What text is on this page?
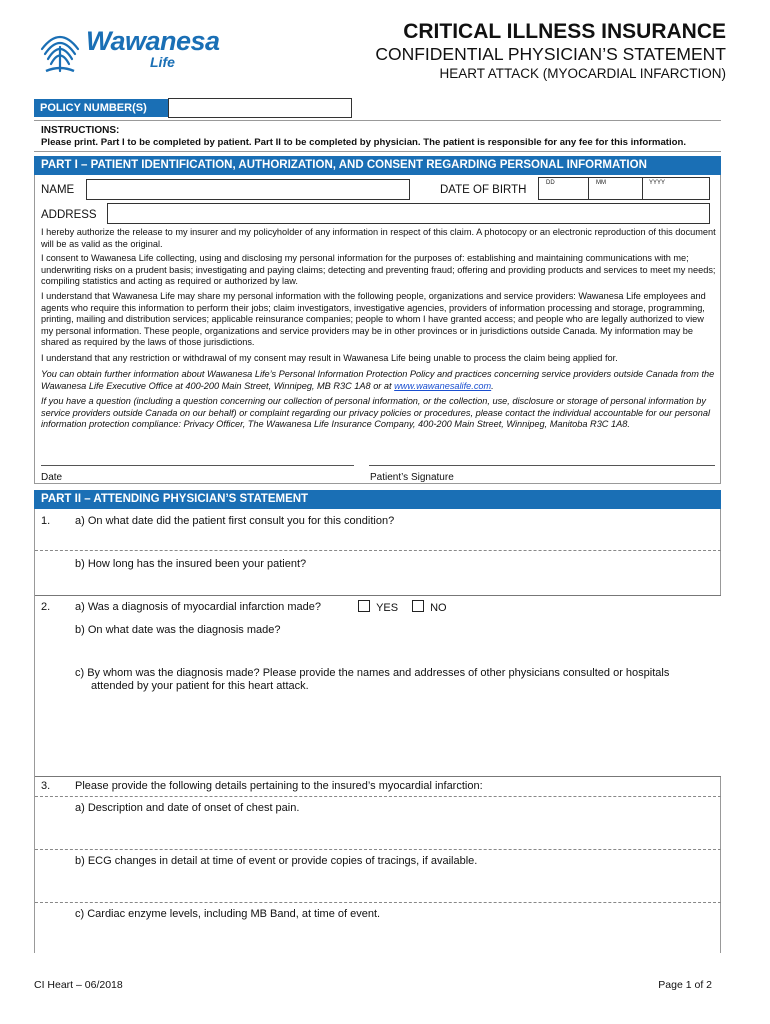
Wawanesa
Life
CRITICAL ILLNESS INSURANCE
CONFIDENTIAL PHYSICIAN’S STATEMENT
HEART ATTACK (MYOCARDIAL INFARCTION)
POLICY NUMBER(S)
INSTRUCTIONS:
Please print. Part I to be completed by patient. Part II to be completed by physician. The patient is responsible for any fee for this information.
PART I – PATIENT IDENTIFICATION, AUTHORIZATION, AND CONSENT REGARDING PERSONAL INFORMATION
NAME	DATE OF BIRTH
DD	MM	YYYY
ADDRESS
I hereby authorize the release to my insurer and my policyholder of any information in respect of this claim. A photocopy or an electronic reproduction of this document will be as valid as the original.
I consent to Wawanesa Life collecting, using and disclosing my personal information for the purposes of: establishing and maintaining communications with me; underwriting risks on a prudent basis; investigating and paying claims; detecting and preventing fraud; offering and providing products and services to meet my needs; compiling statistics and acting as required or authorized by law.
I understand that Wawanesa Life may share my personal information with the following people, organizations and service providers: Wawanesa Life employees and agents who require this information to perform their jobs; claim investigators, investigative agencies, providers of information processing and storage, programming, printing, mailing and distribution services; applicable reinsurance companies; people to whom I have granted access; and people who are legally authorized to view my personal information. These people, organizations and service providers may be in other provinces or in jurisdictions outside Canada. My information may be shared as required by the laws of those jurisdictions.
I understand that any restriction or withdrawal of my consent may result in Wawanesa Life being unable to process the claim being applied for.
You can obtain further information about Wawanesa Life’s Personal Information Protection Policy and practices concerning service providers outside Canada from the Wawanesa Life Executive Office at 400-200 Main Street, Winnipeg, MB R3C 1A8 or at www.wawanesalife.com.
If you have a question (including a question concerning our collection of personal information, or the collection, use, disclosure or storage of personal information by service providers outside Canada on our behalf) or complaint regarding our privacy policies or procedures, please contact the individual accountable for our personal information protection compliance: Privacy Officer, The Wawanesa Life Insurance Company, 400-200 Main Street, Winnipeg, Manitoba R3C 1A8.
Date	Patient’s Signature
PART II – ATTENDING PHYSICIAN’S STATEMENT
1. a) On what date did the patient first consult you for this condition?
b) How long has the insured been your patient?
2. a) Was a diagnosis of myocardial infarction made?	YES	NO
b) On what date was the diagnosis made?
c) By whom was the diagnosis made? Please provide the names and addresses of other physicians consulted or hospitals
attended by your patient for this heart attack.
3. Please provide the following details pertaining to the insured’s myocardial infarction:
a) Description and date of onset of chest pain.
b) ECG changes in detail at time of event or provide copies of tracings, if available.
c) Cardiac enzyme levels, including MB Band, at time of event.
CI Heart – 06/2018	Page 1 of 2
